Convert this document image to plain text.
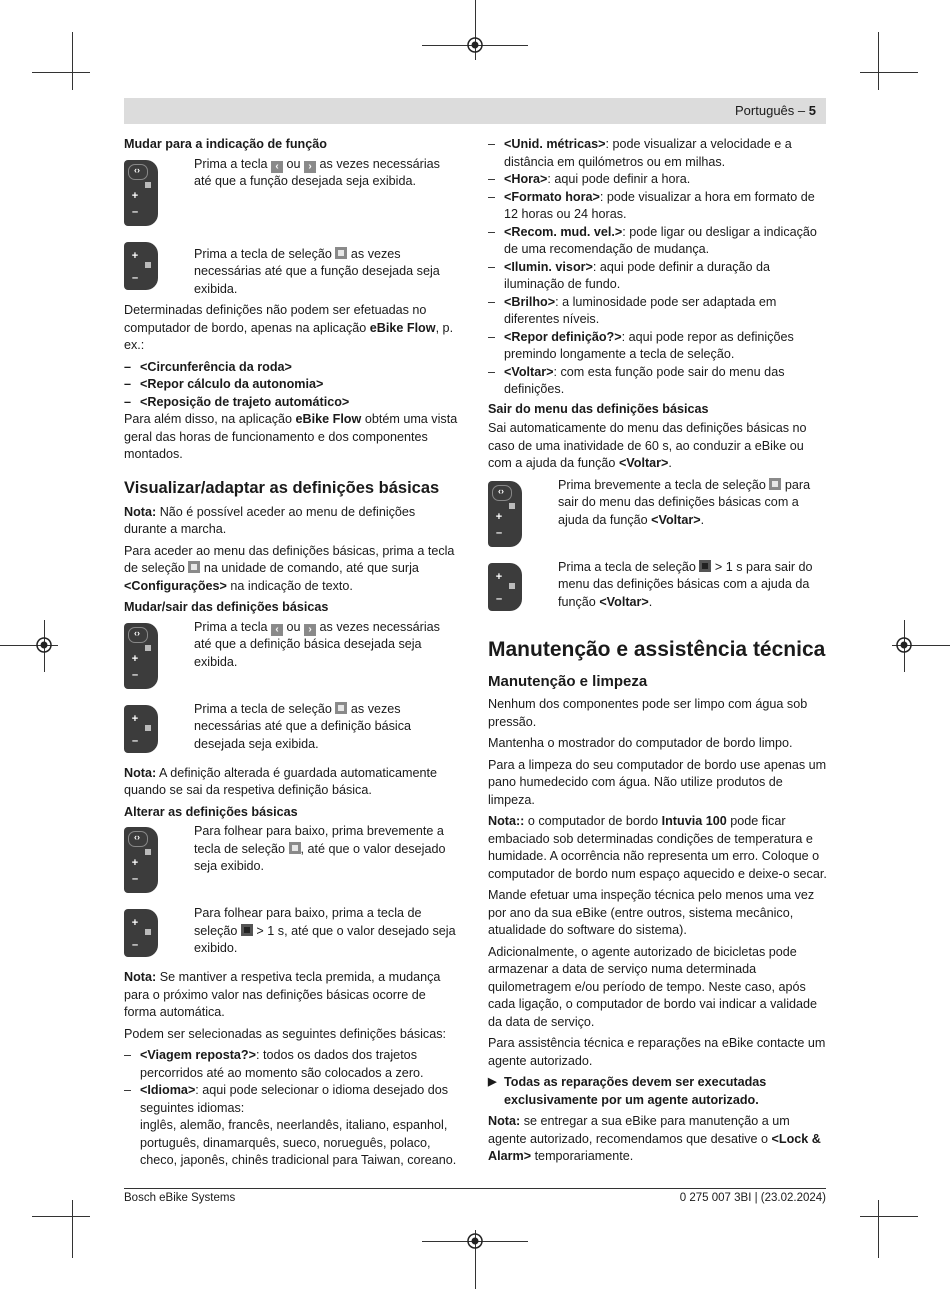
Português – 5

Mudar para a indicação de função

‹›
+
–
Prima a tecla ‹ ou › as vezes necessárias até que a função desejada seja exibida.
+
–
Prima a tecla de seleção as vezes necessárias até que a função desejada seja exibida.

Determinadas definições não podem ser efetuadas no computador de bordo, apenas na aplicação eBike Flow, p. ex.:

– <Circunferência da roda>
– <Repor cálculo da autonomia>
– <Reposição de trajeto automático>

Para além disso, na aplicação eBike Flow obtém uma vista geral das horas de funcionamento e dos componentes montados.

Visualizar/adaptar as definições básicas

Nota: Não é possível aceder ao menu de definições durante a marcha.

Para aceder ao menu das definições básicas, prima a tecla de seleção na unidade de comando, até que surja <Configurações> na indicação de texto.

Mudar/sair das definições básicas

‹›
+
–
Prima a tecla ‹ ou › as vezes necessárias até que a definição básica desejada seja exibida.
+
–
Prima a tecla de seleção as vezes necessárias até que a definição básica desejada seja exibida.

Nota: A definição alterada é guardada automaticamente quando se sai da respetiva definição básica.

Alterar as definições básicas

‹›
+
–
Para folhear para baixo, prima brevemente a tecla de seleção , até que o valor desejado seja exibido.
+
–
Para folhear para baixo, prima a tecla de seleção > 1 s, até que o valor desejado seja exibido.

Nota: Se mantiver a respetiva tecla premida, a mudança para o próximo valor nas definições básicas ocorre de forma automática.

Podem ser selecionadas as seguintes definições básicas:

– <Viagem reposta?>: todos os dados dos trajetos percorridos até ao momento são colocados a zero.
– <Idioma>: aqui pode selecionar o idioma desejado dos seguintes idiomas:
inglês, alemão, francês, neerlandês, italiano, espanhol, português, dinamarquês, sueco, norueguês, polaco, checo, japonês, chinês tradicional para Taiwan, coreano.
– <Unid. métricas>: pode visualizar a velocidade e a distância em quilómetros ou em milhas.
– <Hora>: aqui pode definir a hora.
– <Formato hora>: pode visualizar a hora em formato de 12 horas ou 24 horas.
– <Recom. mud. vel.>: pode ligar ou desligar a indicação de uma recomendação de mudança.
– <Ilumin. visor>: aqui pode definir a duração da iluminação de fundo.
– <Brilho>: a luminosidade pode ser adaptada em diferentes níveis.
– <Repor definição?>: aqui pode repor as definições premindo longamente a tecla de seleção.
– <Voltar>: com esta função pode sair do menu das definições.

Sair do menu das definições básicas

Sai automaticamente do menu das definições básicas no caso de uma inatividade de 60 s, ao conduzir a eBike ou com a ajuda da função <Voltar>.

‹›
+
–
Prima brevemente a tecla de seleção para sair do menu das definições básicas com a ajuda da função <Voltar>.
+
–
Prima a tecla de seleção > 1 s para sair do menu das definições básicas com a ajuda da função <Voltar>.
Manutenção e assistência técnica
Manutenção e limpeza

Nenhum dos componentes pode ser limpo com água sob pressão.

Mantenha o mostrador do computador de bordo limpo.

Para a limpeza do seu computador de bordo use apenas um pano humedecido com água. Não utilize produtos de limpeza.

Nota:: o computador de bordo Intuvia 100 pode ficar embaciado sob determinadas condições de temperatura e humidade. A ocorrência não representa um erro. Coloque o computador de bordo num espaço aquecido e deixe-o secar.

Mande efetuar uma inspeção técnica pelo menos uma vez por ano da sua eBike (entre outros, sistema mecânico, atualidade do software do sistema).

Adicionalmente, o agente autorizado de bicicletas pode armazenar a data de serviço numa determinada quilometragem e/ou período de tempo. Neste caso, após cada ligação, o computador de bordo vai indicar a validade da data de serviço.

Para assistência técnica e reparações na eBike contacte um agente autorizado.

▶ Todas as reparações devem ser executadas exclusivamente por um agente autorizado.

Nota: se entregar a sua eBike para manutenção a um agente autorizado, recomendamos que desative o <Lock & Alarm> temporariamente.

Bosch eBike Systems	0 275 007 3BI | (23.02.2024)
